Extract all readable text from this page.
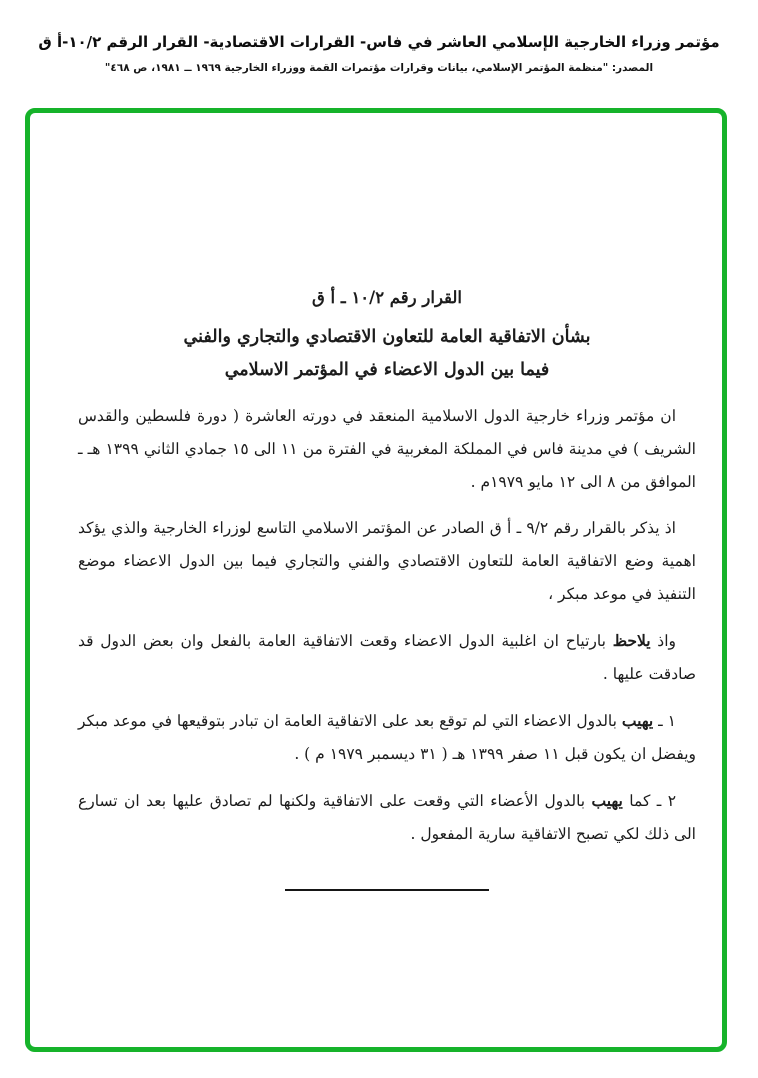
مؤتمر وزراء الخارجية الإسلامي العاشر في فاس- القرارات الاقتصادية- القرار الرقم ١٠/٢-أ ق
المصدر: "منظمة المؤتمر الإسلامي، بيانات وقرارات مؤتمرات القمة ووزراء الخارجية ١٩٦٩ ــ ١٩٨١، ص ٤٦٨"
القرار رقم ١٠/٢ ـ أ ق
بشأن الاتفاقية العامة للتعاون الاقتصادي والتجاري والفني
فيما بين الدول الاعضاء في المؤتمر الاسلامي

ان مؤتمر وزراء خارجية الدول الاسلامية المنعقد في دورته العاشرة ( دورة فلسطين والقدس الشريف ) في مدينة فاس في المملكة المغربية في الفترة من ١١ الى ١٥ جمادي الثاني ١٣٩٩ هـ ـ الموافق من ٨ الى ١٢ مايو ١٩٧٩م .

اذ يذكر بالقرار رقم ٩/٢ ـ أ ق الصادر عن المؤتمر الاسلامي التاسع لوزراء الخارجية والذي يؤكد اهمية وضع الاتفاقية العامة للتعاون الاقتصادي والفني والتجاري فيما بين الدول الاعضاء موضع التنفيذ في موعد مبكر ،

واذ يلاحظ بارتياح ان اغلبية الدول الاعضاء وقعت الاتفاقية العامة بالفعل وان بعض الدول قد صادقت عليها .

١ ـ يهيب بالدول الاعضاء التي لم توقع بعد على الاتفاقية العامة ان تبادر بتوقيعها في موعد مبكر ويفضل ان يكون قبل ١١ صفر ١٣٩٩ هـ ( ٣١ ديسمبر ١٩٧٩ م ) .

٢ ـ كما يهيب بالدول الأعضاء التي وقعت على الاتفاقية ولكنها لم تصادق عليها بعد ان تسارع الى ذلك لكي تصبح الاتفاقية سارية المفعول .
